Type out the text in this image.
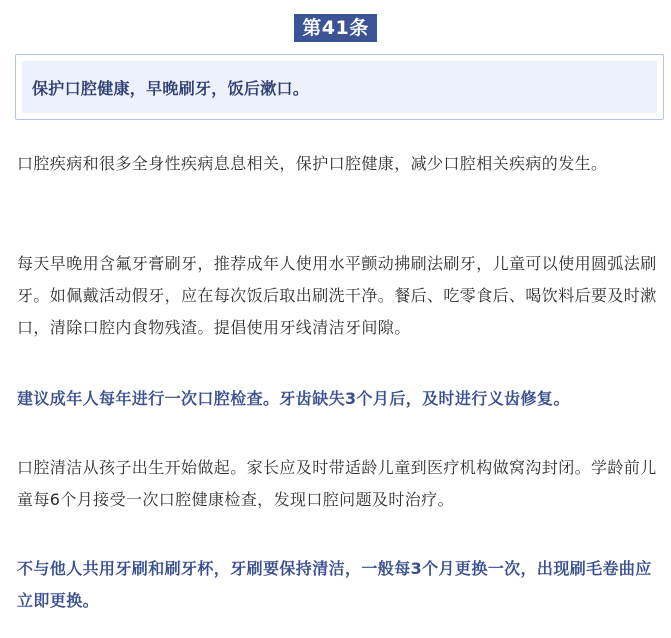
第41条
保护口腔健康，早晚刷牙，饭后漱口。

口腔疾病和很多全身性疾病息息相关，保护口腔健康，减少口腔相关疾病的发生。

每天早晚用含氟牙膏刷牙，推荐成年人使用水平颤动拂刷法刷牙，儿童可以使用圆弧法刷牙。如佩戴活动假牙，应在每次饭后取出刷洗干净。餐后、吃零食后、喝饮料后要及时漱口，清除口腔内食物残渣。提倡使用牙线清洁牙间隙。

建议成年人每年进行一次口腔检查。牙齿缺失3个月后，及时进行义齿修复。

口腔清洁从孩子出生开始做起。家长应及时带适龄儿童到医疗机构做窝沟封闭。学龄前儿童每6个月接受一次口腔健康检查，发现口腔问题及时治疗。

不与他人共用牙刷和刷牙杯，牙刷要保持清洁，一般每3个月更换一次，出现刷毛卷曲应立即更换。
